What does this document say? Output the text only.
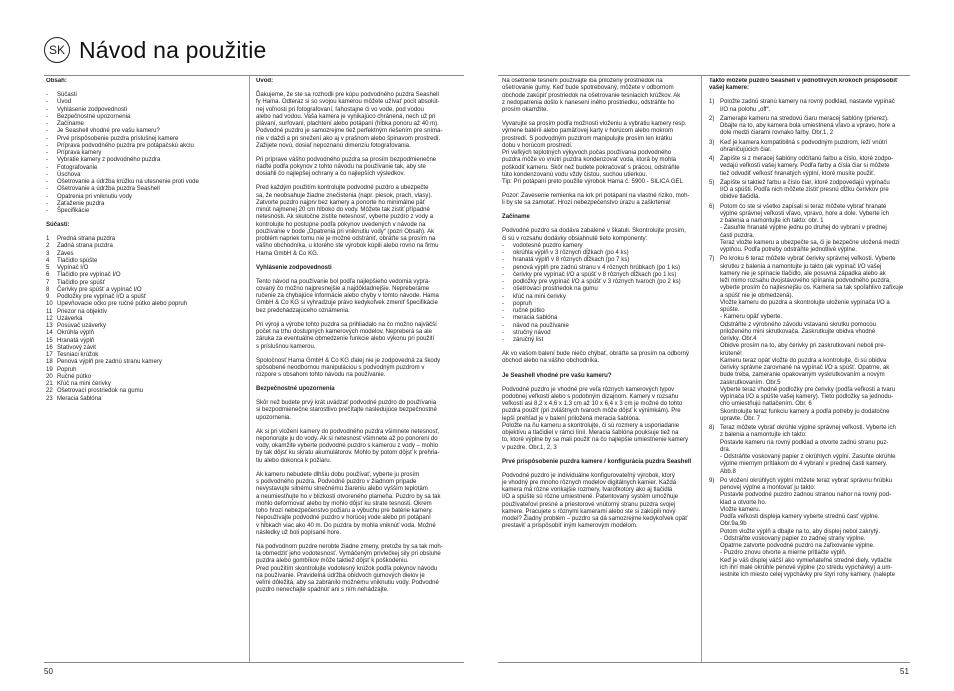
SK Návod na použitie
Obsah:
- Súčasti
- Úvod
- Vyhlásenie zodpovednosti
- Bezpečnostné upozornenia
- Začíname
- Je Seashell vhodné pre vašu kameru?
- Prvé prispôsobenie puzdra príslušnej kamere
- Príprava podvodného puzdra pre potápačskú akciu
- Príprava kamery
- Vybratie kamery z podvodného puzdra
- Fotografovanie
- Úschova
- Ošetrovanie a údržba krúžku na utesnenie proti vode
- Ošetrovanie a údržba puzdra Seashell
- Opatrenia pri vniknutiu vody
- Zaťaženie puzdra
- Špecifikácie
Súčasti:
1 Predná strana puzdra
2 Zadná strana puzdra
3 Záves
4 Tlačidlo spúšte
5 Vypínač I/O
6 Tlačidlo pre vypínač I/O
7 Tlačidlo pre spúšť
8 Čerivky pre spúšť a vypínač I/O
9 Podložky pre vypínač I/O a spúšť
10 Upevňovacie očko pre ručné pútko alebo popruh
11 Priezor na objektív
12 Uzáverka
13 Posúvač uzáverky
14 Okrúhla výplň
15 Hranatá výplň
16 Statívový závit
17 Tesniaci krúžok
18 Penová výplň pre zadnú stranu kamery
19 Popruh
20 Ručné pútko
21 Kľúč na mini čerivky
22 Ošetrovací prostriedok na gumu
23 Meracia šablóna
Úvod:

Ďakujeme, že ste sa rozhodli pre kúpu podvodného puzdra Seashell
fy Hama. Odteraz si so svojou kamerou môžete užívať pocit absolút-
nej voľnosti pri fotografovaní, ľahostajne či vo vode, pod vodou
alebo nad vodou. Vaša kamera je vynikajúco chránená, nech už pri
plávaní, surfovaní, plachtení alebo potápaní (hĺbka ponoru až 40 m).
Podvodné puzdro je samozrejme tiež perfektným riešením pre sníma-
nie v daždi a pri snežení ako aj v prašnom alebo špinavom prostredí.
Zažijete novú, dosiaľ nepoznanú dimenziu fotografovania.

Pri príprave vášho podvodného puzdra sa prosím bezpodmienečne
riaďte podľa pokynov z tohto návodu na používanie tak, aby ste
dosiahli čo najlepšej ochrany a čo najlepších výsledkov.

Pred každým použitím kontrolujte podvodné puzdro a ubezpečte
sa, že neobsahuje žiadne znečistenia (napr. piesok, prach, vlasy).
Zatvorte puzdro najprv bez kamery a ponorte ho minimálne päť
minút najmenej 20 cm hlboko do vody. Môžete tak zistiť případné
netesnosti. Ak skutočne zistíte netesnosť, vyberte puzdro z vody a
kontrolujte ho postupne podľa pokynov uvedených v návode na
používanie v bode „Opatrenia pri vniknutiu vody“ (pozri Obsah). Ak
problém napriek tomu nie je možné odstrániť, obráťte sa prosím na
vášho obchodníka, u ktorého ste výrobok kúpili alebo rovno na firmu
Hama GmbH & Co KG.

Vyhlásenie zodpovednosti

Tento návod na používanie bol podľa najlepšieho vedomia vypra-
covaný čo možno najpresnejšie a najdôkladnejšie. Nepreberáme
ručenie za chybajúce informácie alebo chyby v tomto návode. Hama
GmbH & Co KG si vyhradzuje právo kedykoľvek zmeniť špecifikácie
bez predchádzajúceho oznámenia.

Pri výroji a výrobe tohto puzdra sa prihliadalo na čo možno najväčší
počet na trhu dostupných kamerových modelov. Nepreberá sa ale
záruka za eventuálne obmedzenie funkcie alebo výkonu pri použití
s príslušnou kamerou.

Spoločnosť Hama GmbH & Co KG ďalej nie je zodpovedná za škody
spôsobené neodbornou manipuláciou s podvodným puzdrom v
rozpore s obsahom tohto návodu na používanie.

Bezpečnostné upozornenia

Skôr než budete prvý krát uvádzať podvodné puzdro do používania
si bezpodmienečne starostlivo prečítajte nasledujúce bezpečnostné
upozornenia.

Ak si pri vložení kamery do podvodného puzdra všimnete netesnosť,
neponorujte ju do vody. Ak si netesnosť všimnete až po ponorení do
vody, okamžite vyberte podvodné puzdro s kamerou z vody – mohlo
by tak dôjsť ku skratu akumulátorov. Mohlo by potom dôjsť k prehria-
tiu alebo dokonca k požiaru.

Ak kameru nebudete dlhšiu dobu používať, vyberte ju prosím
s podvodného puzdra. Podvodné puzdro v žiadnom prípade
nevystavujte silnému slnečnému žiareniu alebo vyšším teplotám
a neumiestňujte ho v blízkosti otvoreného plameňa. Puzdro by sa tak
mohlo deformovať alebo by mohlo dôjsť ku strate tesnosti. Okrem
toho hrozí nebezpečenstvo požiaru a výbuchu pre batérie kamery.
Nepoužívajte podvodné puzdro v horúcej vode alebo pri potápaní
v hĺbkach viac ako 40 m. Do puzdra by mohla vniknúť voda. Možné
následky už boli popísané hore.

Na podvodnom puzdre nerobte žiadne zmeny, pretože by sa tak moh-
la obmedziť jeho vodotesnosť. Vymáčeným prívlečkej sily pri obsluhe
puzdra alebo gombíkov môže taktiež dôjsť k poškodeniu.
Pred použitím skontrolujte vodotesný krúžok podľa pokynov návodu
na používanie. Pravidelná údržba obidvoch gumových dielov je
veľmi dôležitá, aby sa zabránilo možnému vniknutiu vody. Podvodné
puzdro nenechajte spadnúť ani s ním nehádzajte.

Na ošetrenie tesnení používajte iba priložený prostriedok na
ošetrovanie gumy. Keď bude spotrebovaný, môžete v odbornom
obchode zakúpiť prostriedok na ošetrovanie tesniacich krúžkov. Ak
z nedopatrenia došlo k nanesení iného prostriedku, odstráňte ho
prosím okamžite.

Vyvarujte sa prosím podľa možnosti vloženiu a vybratiu kamery resp.
výmene batérií alebo pamäťovej karty v horúcom alebo mokrom
prostredí. S podvodným puzdrom manipulujte prosím len krátku
dobu v horúcom prostredí.
Pri veľkých teplotných výkyvoch počas používania podvodného
puzdra môže vo vnútri puzdra kondenzovať voda, ktorá by mohla
poškodiť kameru. Skôr než budete pokračovať s prácou, odstráňte
túto kondenzovanú vodu vždy čistou, suchou utierkou.
Tip: Pri potápaní preto použite výrobok Hama č. 5900 - SILICA GEL

Pozor: Zavesenie remienka na krk pri potápaní na vlastné riziko, moh-
li by ste sa zamotať. Hrozí nebezpečenstvo úrazu a zaškrtenia!

Začíname

Podvodné puzdro sa dodáva zabalené v škatuli. Skontrolujte prosím,
či sú v rozsahu dodávky obsiahnuté tieto komponenty:

- vodotesné puzdro kamery
- okrúhla výplň v 3 rôznych dĺžkach (po 4 ks)
- hranatá výplň v 8 rôznych dĺžkach (po 7 ks)
- penová výplň pre zadnú stranu v 4 rôznych hrúbkach (po 1 ks)
- čerivky pre vypínač I/O a spúšť v 8 rôznych dĺžkach (po 1 ks)
- podložky pre vypínač I/O a spúšť v 3 rôznych tvaroch (po 2 ks)
- ošetrovací prostriedok na gumu
- kľúč na mini čerivky
- popruh
- ručné pútko
- meracia šablóna
- návod na používanie
- stručný návod
- záručný list

Ak vo vašom balení bude niečo chýbať, obráťte sa prosím na odborný
obchod alebo na vášho obchodníka.

Je Seashell vhodné pre vašu kameru?

Podvodné puzdro je vhodné pre veľa rôznych kamerových typov
podobnej veľkosti alebo s podobným dizajnom. Kamery v rozsahu
veľkostí asi 8,2 x 4,6 x 1,3 cm až 10 x 6,4 x 3 cm je možné do tohto
puzdra použiť (pri zvláštnych tvaroch môže dôjsť k výnimkám). Pre
lepší prehľad je v balení priložená meracia šablóna.
Položte na ňu kameru a skontrolujte, či sú rozmery a usporiadanie
objektívu a tlačidiel v rámci línií. Meracia šablóna pouksuje tiež na
to, ktoré výplne by sa mali použiť na čo najlepšie umiestnenie kamery
v puzdre. Obr.1, 2, 3

Prvé prispôsobenie puzdra kamere / konfigurácia puzdra Seashell

Podvodné puzdro je individuálne konfigurovateľný výrobok, ktorý
je vhodný pre mnoho rôznych modelov digitálnych kamier. Každá
kamera má rôzne vonkajšie rozmery, tvarofkotory ako aj tlačidlá
I/O a spúšte sú rôzne umiestnené. Patentovaný systém umožňuje
používateľovi presné a priestorové vnútorný stranu puzdra svojej
kamere. Pracujete s rôznymi kamerami alebo ste si zakúpili nový
model? Žiadny problém – puzdro sa dá samozrejme kedykoľvek opäť
prestaviť a prispôsobiť iným kamerovým modelom.

Takto môžete puzdro Seashell v jednotlivých krokoch prispôsobiť
vašej kamere:
1) Položte zadnú stranú kamery na rovný podklad, nastavte vypínač
I/O na polohu „off“.
2) Zamerajte kameru na stredovú čiaru meracej šablóny (prierez).
Dbajte na to, aby kamera bola umiestnená vľavo a vpravo, hore a
dole medzi čiarami rovnako farby. Obr.1, 2
3) Keď je kamera kompatibilná s podvodným puzdrom, leží vnútri
ohraničujúcich čiar.
4) Zapíšte si z meracej šablóny odčítanú farbu a číslo, ktoré zodpo-
vedajú veľkosti vašej kamery. Podľa farby a čísla čiar si môžete
tiež odvodiť veľkosť hranatých výplní, ktoré musíte použiť.
5) Zapíšte si taktiež farbu a číslo čiar, ktoré zodpovedajú vypínaču
I/O a spúšti. Podľa nich môžete zistiť presnú dĺžku čerivkov pre
obidve tlačidlá.
6) Potom čo ste si všetko zapísali si teraz môžete vybrať hranaté
výplne správnej veľkosti vľavo, vpravo, hore a dole. Vyberte ich
z balenia a namontujte ich takto: obr. 1
- Zasuňte hranaté výplne jednu po druhej do vybraní v prednej
časti puzdra.
Teraz vložte kameru a ubezpečte sa, či je bezpečne uložená medzi
výplňou. Podľa potreby odstráňte jednotlivé výplne.
7) Po kroku 6 teraz môžete vybrať čerivky správnej veľkosti. Vyberte
skrutku z balenia a namontujte ju takto (ak vypínač I/O vašej
kamery nie je spínacie tlačidlo, ale posuvná západka alebo ak
leží mimo rozsahu dvojstavového spínania podvodného puzdra,
vyberte prosím čo najtesnejšiu os. Kamera sa tak spoľahlivo zafixuje
a spúšť nie je obmedzená).
Vložte kameru do puzdra a skontrolujte uloženie vypínača I/O a
spúšte.
- Kameru opäť vyberte.
Odstráňte z výrobného závodu vstavanú skrutku pomocou
priloženého mini skrutkovača. Zaskrutkujte obidva vhodné
čerivky. Obr.4
Obidve prosím na to, aby čerivky pri zaskrutkovaní neboli pre-
krútené!
Kameru teraz opäť vložte do puzdra a kontrolujte, či sú obidva
čerivky správne zarovnané na vypínač I/O a spúšť. Opatrne, ak
bude treba, zameranie opakovaným vyskrutkovaním a novým
zaskrutkovaním. Obr.5
Vyberte teraz vhodné podložky pre čerivky (podľa veľkosti a tvaru
vypínača I/O a spúšte vašej kamery). Tieto podložky sa jednodu-
cho umiestňujú natlačením. Obr. 6
Skontrolujte teraz funkciu kamery a podľa potreby ju dodatočne
upravte. Obr. 7
8) Teraz môžete vybrať okrúhle výplne správnej veľkosti. Vyberte ich
z balenia a namontujte ich takto:
Postavte kameru na rovný podklad a otvorte zadnú stranu puz-
dra.
- Odstráňte voskovaný papier z okrúhlych výplní. Zasuňte okrúhle
výplne miernym prítlakom do 4 vybraní v prednej časti kamery.
Abb.8
9) Po vložení okrúhlych výplní môžete teraz vybrať správnu hrúbku
penovej výplne a montovať ju takto:
Postavte podvodné puzdro zadnou stranou nahor na rovný pod-
klad a otvorte ho.
Vložte kameru.
Podľa veľkosti displeja kamery vyberte strednú časť výplne.
Obr.9a,9b
Potom vložte výplň a dbajte na to, aby displej nebol zakrytý.
- Odstráňte voskovaný papier zo zadnej strany výplne.
Opatrne zatvorte podvodné puzdro na zafixovanie výplne.
- Puzdro znovu otvorte a mierne pritlačte výplň.
Keď je váš displej väčší ako vymieňateľné stredné diely, vytlačte
ich ihrí malé okrúhle penové výplne (zo stredu vypchávky) a um-
iestnite ich miesto celej vypchávky pre štyri rohy kamery. (nalepte
50	51
